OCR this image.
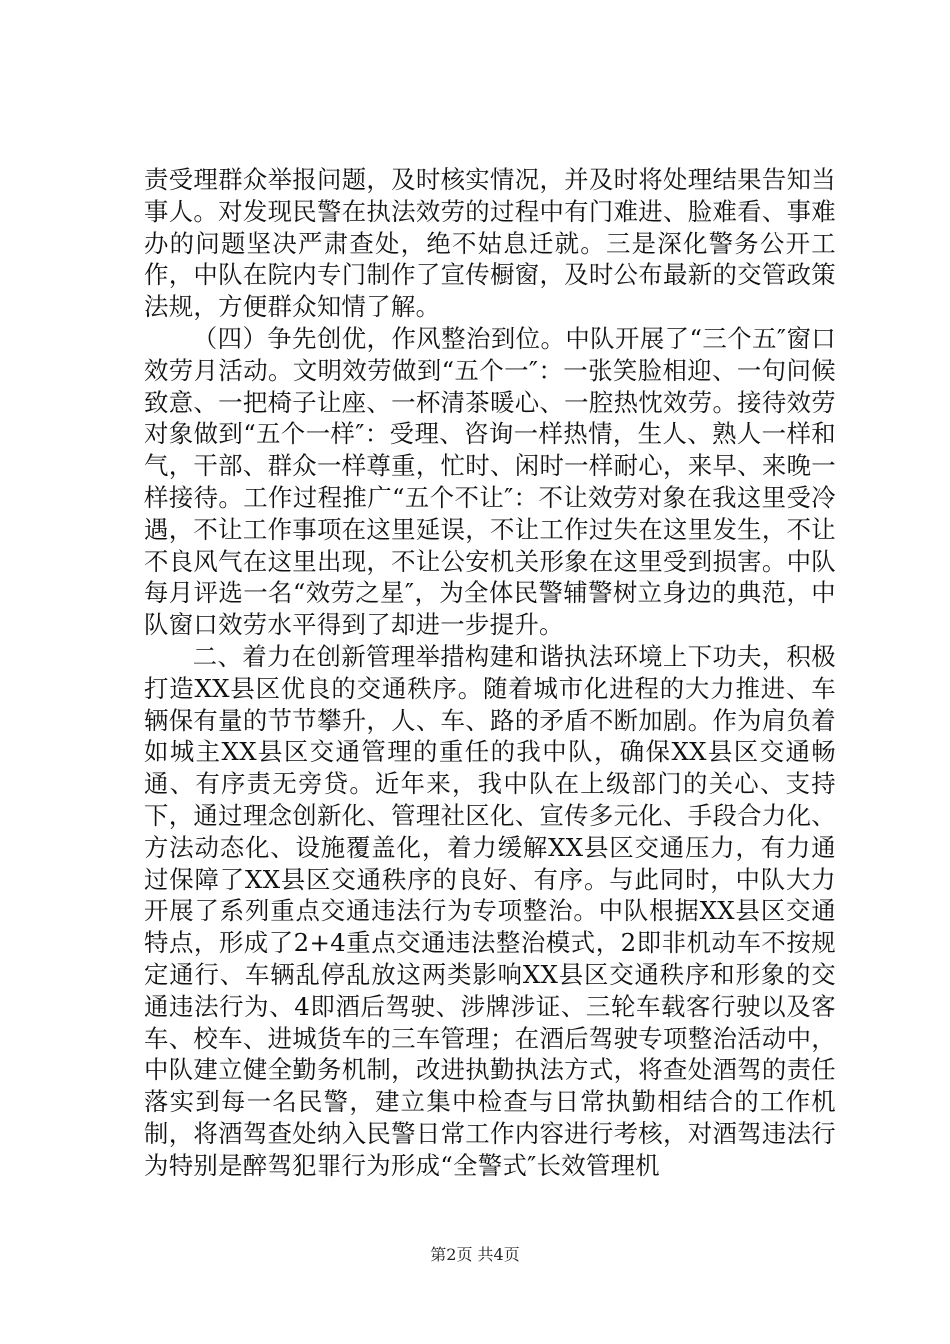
责受理群众举报问题，及时核实情况，并及时将处理结果告知当事人。对发现民警在执法效劳的过程中有门难进、脸难看、事难办的问题坚决严肃查处，绝不姑息迁就。三是深化警务公开工作，中队在院内专门制作了宣传橱窗，及时公布最新的交管政策法规，方便群众知情了解。

（四）争先创优，作风整治到位。中队开展了“三个五″窗口效劳月活动。文明效劳做到“五个一″：一张笑脸相迎、一句问候致意、一把椅子让座、一杯清茶暖心、一腔热忱效劳。接待效劳对象做到“五个一样″：受理、咨询一样热情，生人、熟人一样和气，干部、群众一样尊重，忙时、闲时一样耐心，来早、来晚一样接待。工作过程推广“五个不让″：不让效劳对象在我这里受冷遇，不让工作事项在这里延误，不让工作过失在这里发生，不让不良风气在这里出现，不让公安机关形象在这里受到损害。中队每月评选一名“效劳之星″，为全体民警辅警树立身边的典范，中队窗口效劳水平得到了却进一步提升。

二、着力在创新管理举措构建和谐执法环境上下功夫，积极打造XX县区优良的交通秩序。随着城市化进程的大力推进、车辆保有量的节节攀升，人、车、路的矛盾不断加剧。作为肩负着如城主XX县区交通管理的重任的我中队，确保XX县区交通畅通、有序责无旁贷。近年来，我中队在上级部门的关心、支持下，通过理念创新化、管理社区化、宣传多元化、手段合力化、方法动态化、设施覆盖化，着力缓解XX县区交通压力，有力通过保障了XX县区交通秩序的良好、有序。与此同时，中队大力开展了系列重点交通违法行为专项整治。中队根据XX县区交通特点，形成了2+4重点交通违法整治模式，2即非机动车不按规定通行、车辆乱停乱放这两类影响XX县区交通秩序和形象的交通违法行为、4即酒后驾驶、涉牌涉证、三轮车载客行驶以及客车、校车、进城货车的三车管理；在酒后驾驶专项整治活动中，中队建立健全勤务机制，改进执勤执法方式，将查处酒驾的责任落实到每一名民警，建立集中检查与日常执勤相结合的工作机制，将酒驾查处纳入民警日常工作内容进行考核，对酒驾违法行为特别是醉驾犯罪行为形成“全警式″长效管理机

第2页 共4页
